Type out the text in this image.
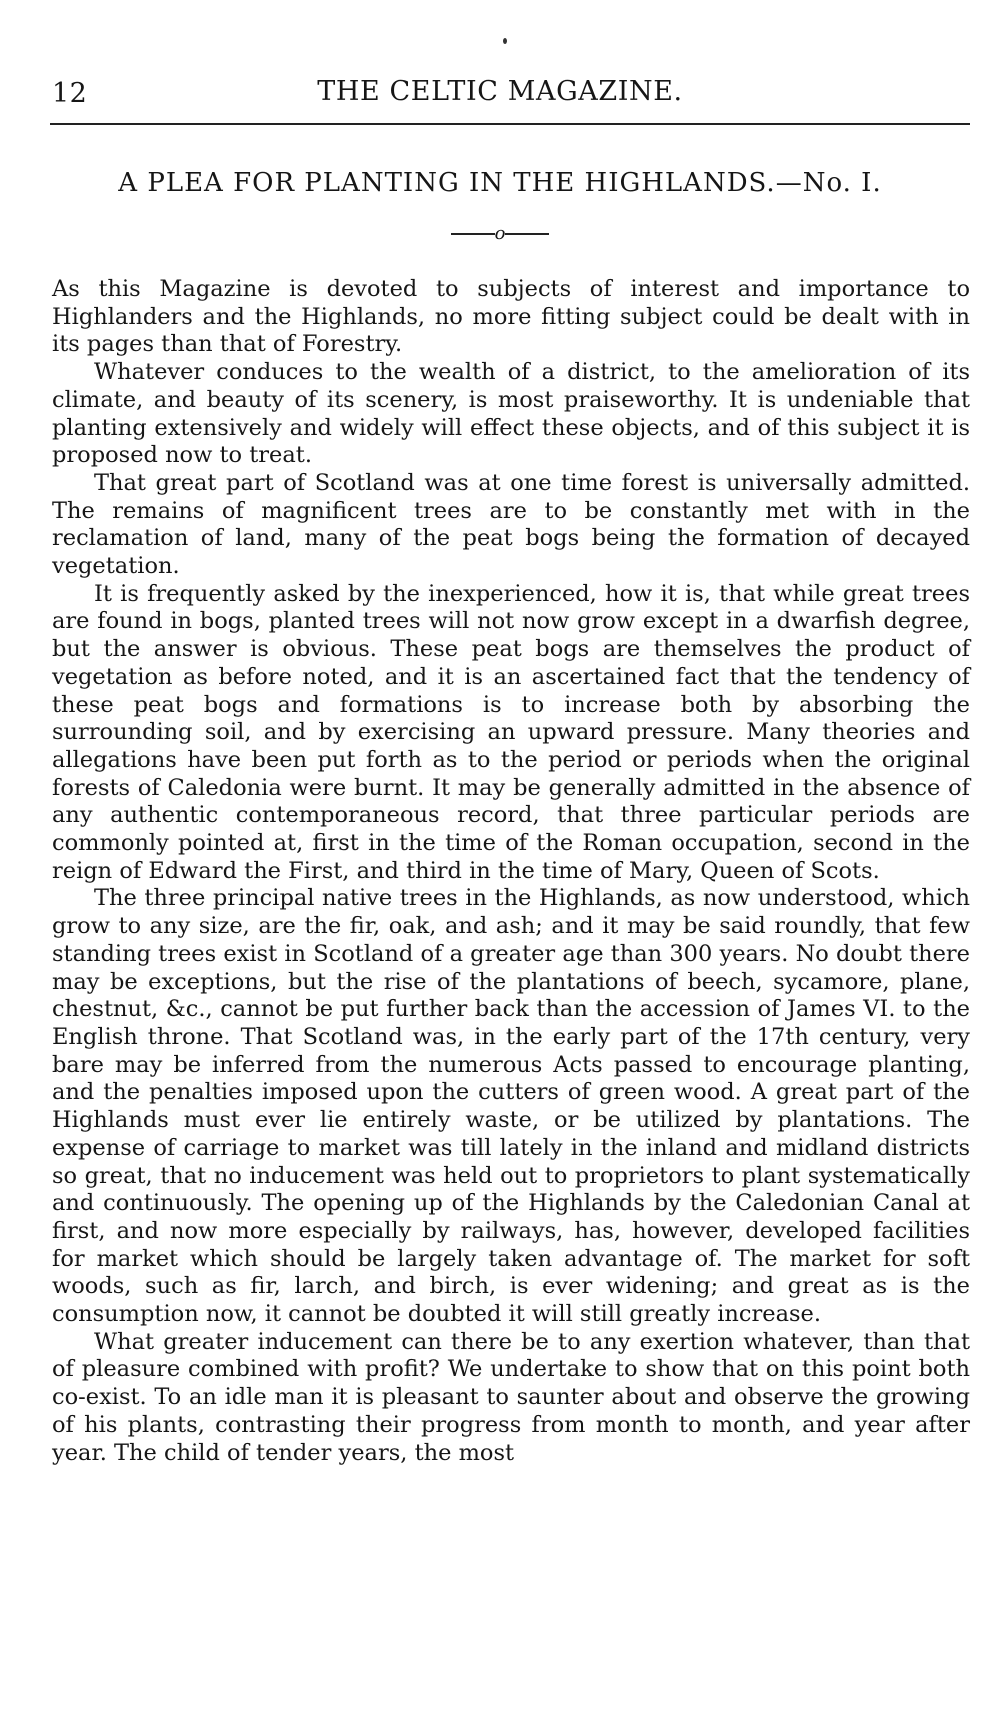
12	THE CELTIC MAGAZINE.
A PLEA FOR PLANTING IN THE HIGHLANDS.—No. I.
o

As this Magazine is devoted to subjects of interest and importance to Highlanders and the Highlands, no more fitting subject could be dealt with in its pages than that of Forestry.

Whatever conduces to the wealth of a district, to the amelioration of its climate, and beauty of its scenery, is most praiseworthy. It is undeniable that planting extensively and widely will effect these objects, and of this subject it is proposed now to treat.

That great part of Scotland was at one time forest is universally admitted. The remains of magnificent trees are to be constantly met with in the reclamation of land, many of the peat bogs being the formation of decayed vegetation.

It is frequently asked by the inexperienced, how it is, that while great trees are found in bogs, planted trees will not now grow except in a dwarfish degree, but the answer is obvious. These peat bogs are themselves the product of vegetation as before noted, and it is an ascertained fact that the tendency of these peat bogs and formations is to increase both by absorbing the surrounding soil, and by exercising an upward pressure. Many theories and allegations have been put forth as to the period or periods when the original forests of Caledonia were burnt. It may be generally admitted in the absence of any authentic contemporaneous record, that three particular periods are commonly pointed at, first in the time of the Roman occupation, second in the reign of Edward the First, and third in the time of Mary, Queen of Scots.

The three principal native trees in the Highlands, as now understood, which grow to any size, are the fir, oak, and ash; and it may be said roundly, that few standing trees exist in Scotland of a greater age than 300 years. No doubt there may be exceptions, but the rise of the plantations of beech, sycamore, plane, chestnut, &c., cannot be put further back than the accession of James VI. to the English throne. That Scotland was, in the early part of the 17th century, very bare may be inferred from the numerous Acts passed to encourage planting, and the penalties imposed upon the cutters of green wood. A great part of the Highlands must ever lie entirely waste, or be utilized by plantations. The expense of carriage to market was till lately in the inland and midland districts so great, that no inducement was held out to proprietors to plant systematically and continuously. The opening up of the Highlands by the Caledonian Canal at first, and now more especially by railways, has, however, developed facilities for market which should be largely taken advantage of. The market for soft woods, such as fir, larch, and birch, is ever widening; and great as is the consumption now, it cannot be doubted it will still greatly increase.

What greater inducement can there be to any exertion whatever, than that of pleasure combined with profit? We undertake to show that on this point both co-exist. To an idle man it is pleasant to saunter about and observe the growing of his plants, contrasting their progress from month to month, and year after year. The child of tender years, the most
